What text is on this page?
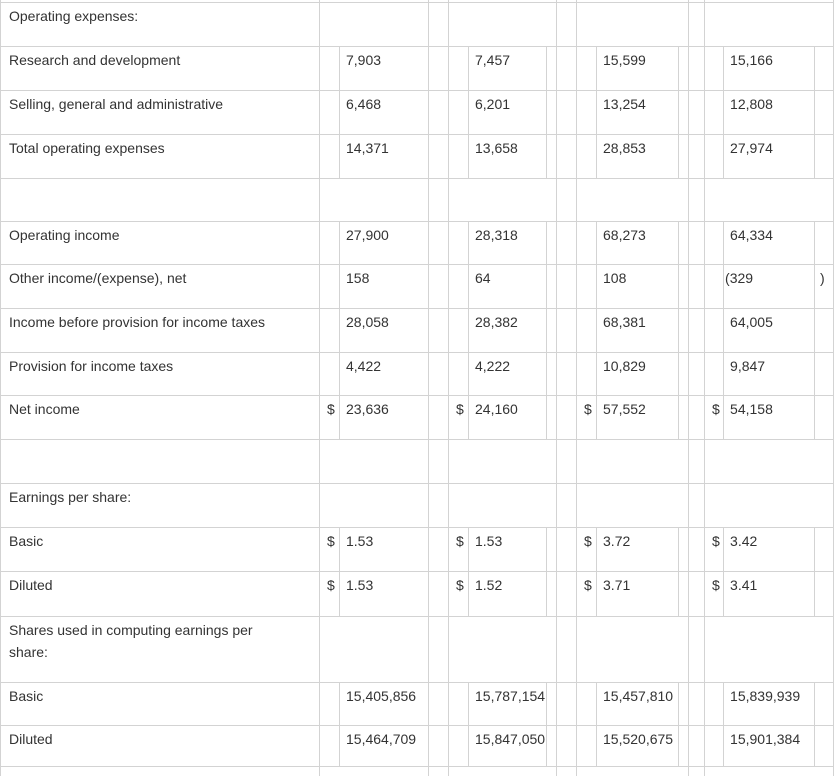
Operating expenses:														
Research and development		7,903			7,457				15,599				15,166	
Selling, general and administrative		6,468			6,201				13,254				12,808	
Total operating expenses		14,371			13,658				28,853				27,974	

Operating income		27,900			28,318				68,273				64,334	
Other income/(expense), net		158			64				108				(329	)
Income before provision for income taxes		28,058			28,382				68,381				64,005	
Provision for income taxes		4,422			4,222				10,829				9,847	
Net income	$	23,636		$	24,160			$	57,552			$	54,158	

Earnings per share:														
Basic	$	1.53		$	1.53			$	3.72			$	3.42	
Diluted	$	1.53		$	1.52			$	3.71			$	3.41	

Shares used in computing earnings per
share:														

Basic		15,405,856			15,787,154				15,457,810				15,839,939	
Diluted		15,464,709			15,847,050				15,520,675				15,901,384	
